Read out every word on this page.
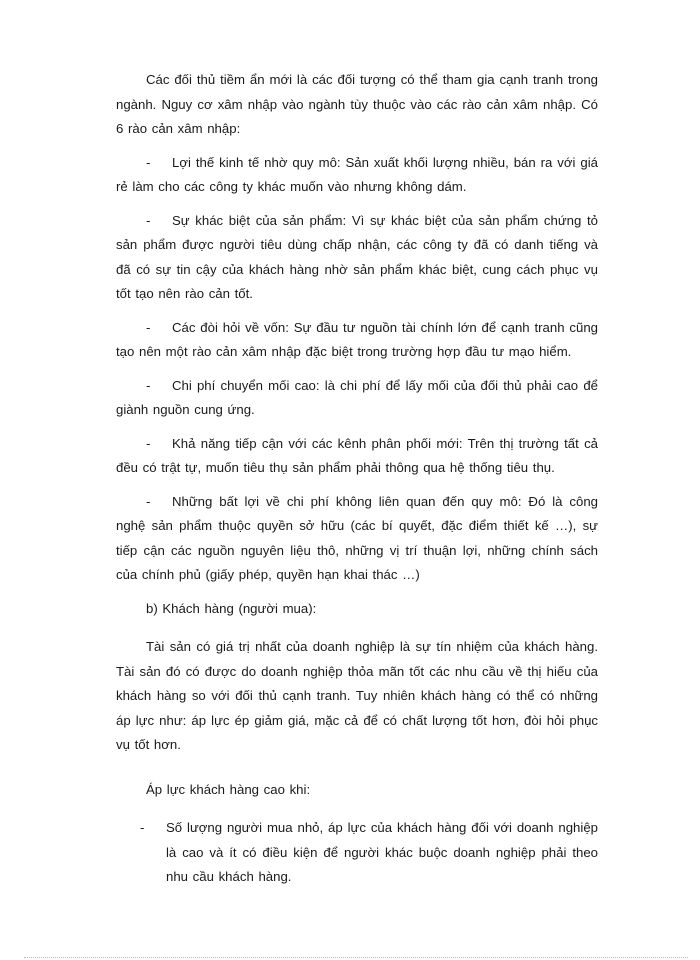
Các đối thủ tiềm ẩn mới là các đối tượng có thể tham gia cạnh tranh trong ngành. Nguy cơ xâm nhập vào ngành tùy thuộc vào các rào cản xâm nhập. Có 6 rào cản xâm nhập:

- Lợi thế kinh tế nhờ quy mô: Sản xuất khối lượng nhiều, bán ra với giá rẻ làm cho các công ty khác muốn vào nhưng không dám.

- Sự khác biệt của sản phẩm: Vì sự khác biệt của sản phẩm chứng tỏ sản phẩm được người tiêu dùng chấp nhận, các công ty đã có danh tiếng và đã có sự tin cậy của khách hàng nhờ sản phẩm khác biệt, cung cách phục vụ tốt tạo nên rào cản tốt.

- Các đòi hỏi về vốn: Sự đầu tư nguồn tài chính lớn để cạnh tranh cũng tạo nên một rào cản xâm nhập đặc biệt trong trường hợp đầu tư mạo hiểm.

- Chi phí chuyển mối cao: là chi phí để lấy mối của đối thủ phải cao để giành nguồn cung ứng.

- Khả năng tiếp cận với các kênh phân phối mới: Trên thị trường tất cả đều có trật tự, muốn tiêu thụ sản phẩm phải thông qua hệ thống tiêu thụ.

- Những bất lợi về chi phí không liên quan đến quy mô: Đó là công nghệ sản phẩm thuộc quyền sở hữu (các bí quyết, đặc điểm thiết kế …), sự tiếp cận các nguồn nguyên liệu thô, những vị trí thuận lợi, những chính sách của chính phủ (giấy phép, quyền hạn khai thác …)

b) Khách hàng (người mua):

Tài sản có giá trị nhất của doanh nghiệp là sự tín nhiệm của khách hàng. Tài sản đó có được do doanh nghiệp thỏa mãn tốt các nhu cầu về thị hiếu của khách hàng so với đối thủ cạnh tranh. Tuy nhiên khách hàng có thể có những áp lực như: áp lực ép giảm giá, mặc cả để có chất lượng tốt hơn, đòi hỏi phục vụ tốt hơn.

Áp lực khách hàng cao khi:

- Số lượng người mua nhỏ, áp lực của khách hàng đối với doanh nghiệp là cao và ít có điều kiện để người khác buộc doanh nghiệp phải theo nhu cầu khách hàng.
